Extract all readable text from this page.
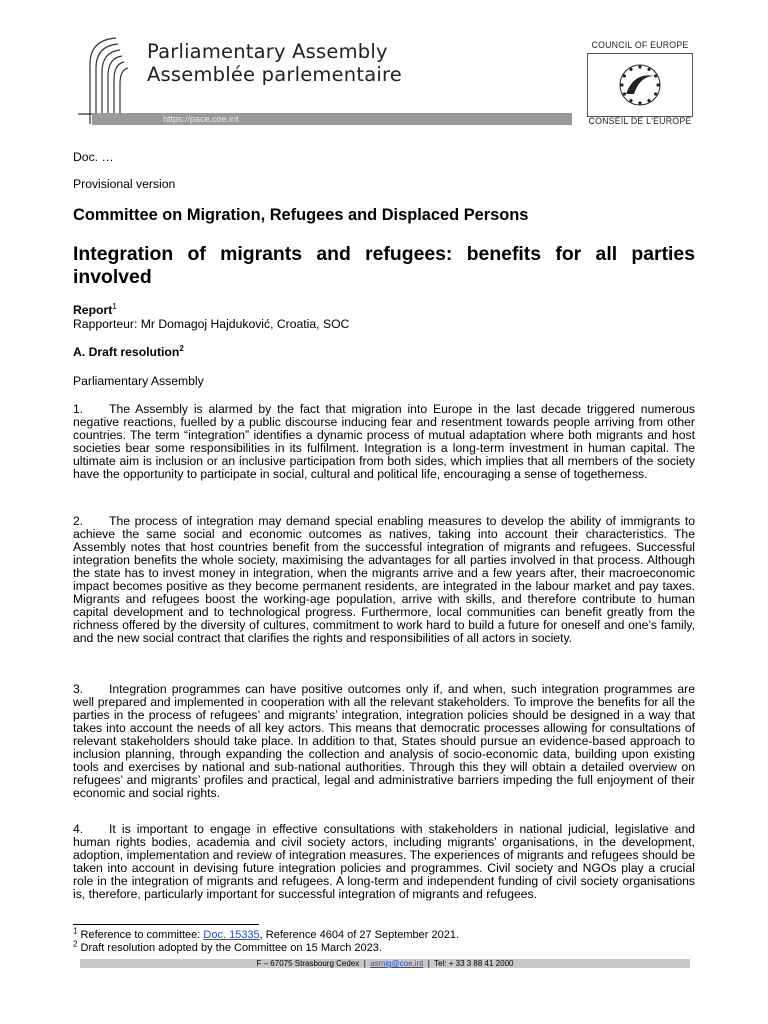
Parliamentary Assembly
Assemblée parlementaire
https://pace.coe.int
COUNCIL OF EUROPE
CONSEIL DE L'EUROPE
Doc. …
Provisional version
Committee on Migration, Refugees and Displaced Persons
Integration of migrants and refugees: benefits for all parties involved
Report$^1$
Rapporteur: Mr Domagoj Hajduković, Croatia, SOC
A. Draft resolution$^2$
Parliamentary Assembly
1. The Assembly is alarmed by the fact that migration into Europe in the last decade triggered numerous negative reactions, fuelled by a public discourse inducing fear and resentment towards people arriving from other countries. The term “integration” identifies a dynamic process of mutual adaptation where both migrants and host societies bear some responsibilities in its fulfilment. Integration is a long-term investment in human capital. The ultimate aim is inclusion or an inclusive participation from both sides, which implies that all members of the society have the opportunity to participate in social, cultural and political life, encouraging a sense of togetherness.
2. The process of integration may demand special enabling measures to develop the ability of immigrants to achieve the same social and economic outcomes as natives, taking into account their characteristics. The Assembly notes that host countries benefit from the successful integration of migrants and refugees. Successful integration benefits the whole society, maximising the advantages for all parties involved in that process. Although the state has to invest money in integration, when the migrants arrive and a few years after, their macroeconomic impact becomes positive as they become permanent residents, are integrated in the labour market and pay taxes. Migrants and refugees boost the working-age population, arrive with skills, and therefore contribute to human capital development and to technological progress. Furthermore, local communities can benefit greatly from the richness offered by the diversity of cultures, commitment to work hard to build a future for oneself and one’s family, and the new social contract that clarifies the rights and responsibilities of all actors in society.
3. Integration programmes can have positive outcomes only if, and when, such integration programmes are well prepared and implemented in cooperation with all the relevant stakeholders. To improve the benefits for all the parties in the process of refugees’ and migrants’ integration, integration policies should be designed in a way that takes into account the needs of all key actors. This means that democratic processes allowing for consultations of relevant stakeholders should take place. In addition to that, States should pursue an evidence-based approach to inclusion planning, through expanding the collection and analysis of socio-economic data, building upon existing tools and exercises by national and sub-national authorities. Through this they will obtain a detailed overview on refugees’ and migrants’ profiles and practical, legal and administrative barriers impeding the full enjoyment of their economic and social rights.
4. It is important to engage in effective consultations with stakeholders in national judicial, legislative and human rights bodies, academia and civil society actors, including migrants’ organisations, in the development, adoption, implementation and review of integration measures. The experiences of migrants and refugees should be taken into account in devising future integration policies and programmes. Civil society and NGOs play a crucial role in the integration of migrants and refugees. A long-term and independent funding of civil society organisations is, therefore, particularly important for successful integration of migrants and refugees.
$^1$ Reference to committee: Doc. 15335, Reference 4604 of 27 September 2021.
$^2$ Draft resolution adopted by the Committee on 15 March 2023.
F – 67075 Strasbourg Cedex  |  asmig@coe.int  |  Tel: + 33 3 88 41 2000
